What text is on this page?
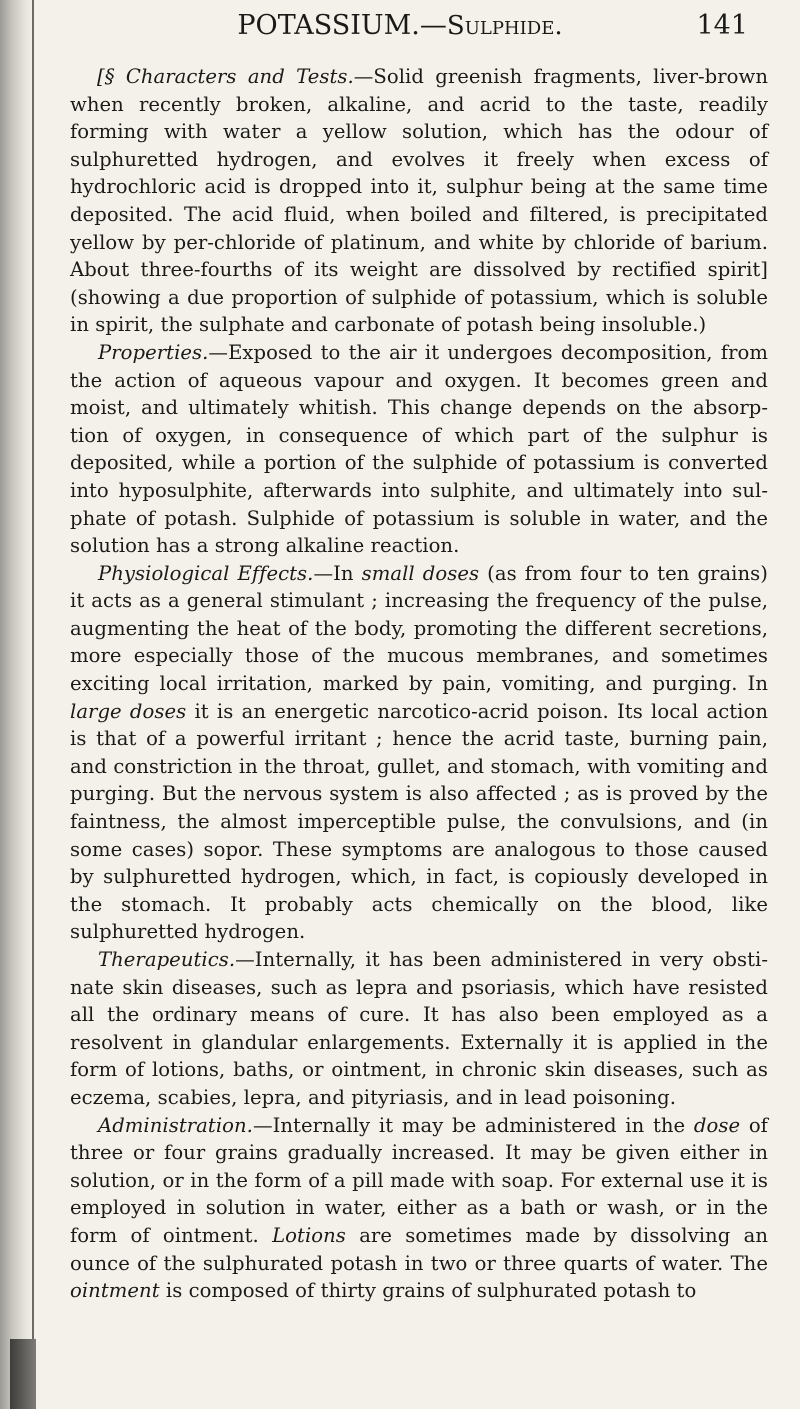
POTASSIUM.—Sulphide.	141

[§ Characters and Tests.—Solid greenish fragments, liver-brown when recently broken, alkaline, and acrid to the taste, readily forming with water a yellow solution, which has the odour of sulphuretted hydrogen, and evolves it freely when excess of hydrochloric acid is dropped into it, sulphur being at the same time deposited. The acid fluid, when boiled and filtered, is precipitated yellow by per-chloride of platinum, and white by chloride of barium. About three-fourths of its weight are dissolved by rectified spirit] (showing a due proportion of sulphide of potassium, which is soluble in spirit, the sulphate and carbonate of potash being insoluble.)

Properties.—Exposed to the air it undergoes decomposition, from the action of aqueous vapour and oxygen. It becomes green and moist, and ultimately whitish. This change depends on the absorp-tion of oxygen, in consequence of which part of the sulphur is deposited, while a portion of the sulphide of potassium is converted into hyposulphite, afterwards into sulphite, and ultimately into sul-phate of potash. Sulphide of potassium is soluble in water, and the solution has a strong alkaline reaction.

Physiological Effects.—In small doses (as from four to ten grains) it acts as a general stimulant ; increasing the frequency of the pulse, augmenting the heat of the body, promoting the different secretions, more especially those of the mucous membranes, and sometimes exciting local irritation, marked by pain, vomiting, and purging. In large doses it is an energetic narcotico-acrid poison. Its local action is that of a powerful irritant ; hence the acrid taste, burning pain, and constriction in the throat, gullet, and stomach, with vomiting and purging. But the nervous system is also affected ; as is proved by the faintness, the almost imperceptible pulse, the convulsions, and (in some cases) sopor. These symptoms are analogous to those caused by sulphuretted hydrogen, which, in fact, is copiously developed in the stomach. It probably acts chemically on the blood, like sulphuretted hydrogen.

Therapeutics.—Internally, it has been administered in very obsti-nate skin diseases, such as lepra and psoriasis, which have resisted all the ordinary means of cure. It has also been employed as a resolvent in glandular enlargements. Externally it is applied in the form of lotions, baths, or ointment, in chronic skin diseases, such as eczema, scabies, lepra, and pityriasis, and in lead poisoning.

Administration.—Internally it may be administered in the dose of three or four grains gradually increased. It may be given either in solution, or in the form of a pill made with soap. For external use it is employed in solution in water, either as a bath or wash, or in the form of ointment. Lotions are sometimes made by dissolving an ounce of the sulphurated potash in two or three quarts of water. The ointment is composed of thirty grains of sulphurated potash to
